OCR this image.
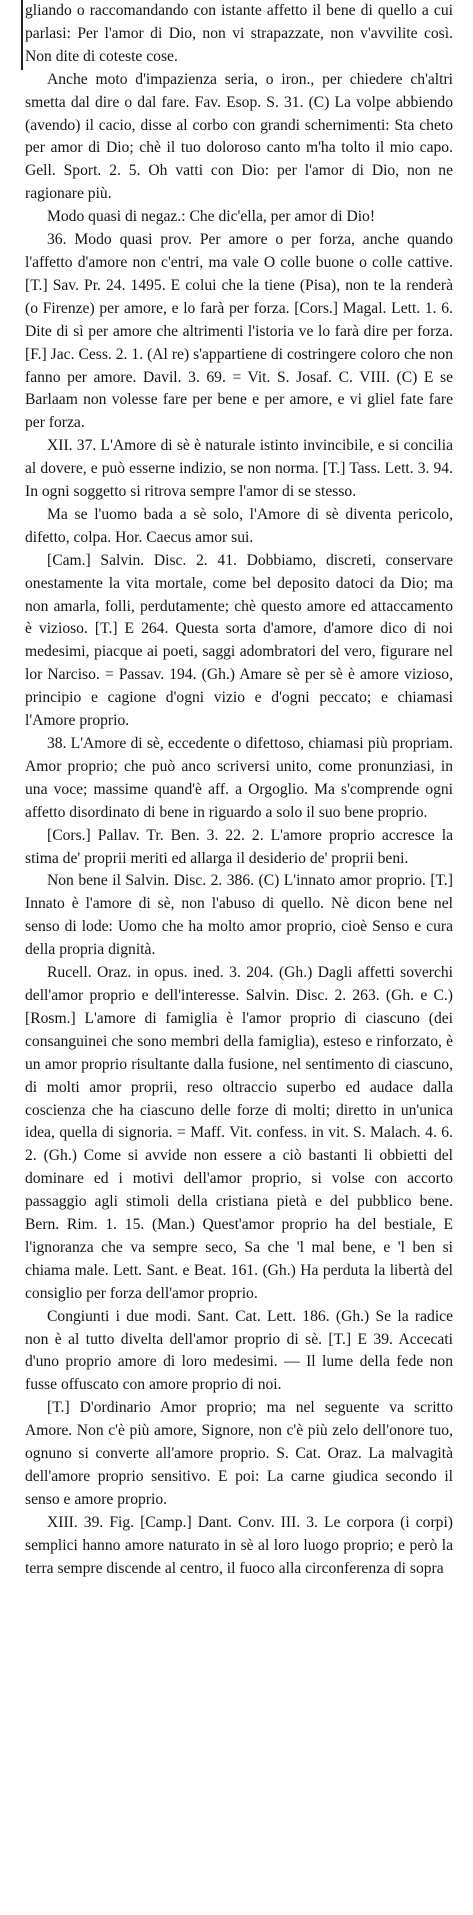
gliando o raccomandando con istante affetto il bene di quello a cui parlasi: Per l'amor di Dio, non vi strapazzate, non v'avvilite così. Non dite di coteste cose.

Anche moto d'impazienza seria, o iron., per chiedere ch'altri smetta dal dire o dal fare. Fav. Esop. S. 31. (C) La volpe abbiendo (avendo) il cacio, disse al corbo con grandi schernimenti: Sta cheto per amor di Dio; chè il tuo doloroso canto m'ha tolto il mio capo. Gell. Sport. 2. 5. Oh vatti con Dio: per l'amor di Dio, non ne ragionare più.

Modo quasi di negaz.: Che dic'ella, per amor di Dio!

36. Modo quasi prov. Per amore o per forza, anche quando l'affetto d'amore non c'entri, ma vale O colle buone o colle cattive. [T.] Sav. Pr. 24. 1495. E colui che la tiene (Pisa), non te la renderà (o Firenze) per amore, e lo farà per forza. [Cors.] Magal. Lett. 1. 6. Dite di sì per amore che altrimenti l'istoria ve lo farà dire per forza. [F.] Jac. Cess. 2. 1. (Al re) s'appartiene di costringere coloro che non fanno per amore. Davil. 3. 69. = Vit. S. Josaf. C. VIII. (C) E se Barlaam non volesse fare per bene e per amore, e vi gliel fate fare per forza.

XII. 37. L'Amore di sè è naturale istinto invincibile, e si concilia al dovere, e può esserne indizio, se non norma. [T.] Tass. Lett. 3. 94. In ogni soggetto si ritrova sempre l'amor di se stesso.

Ma se l'uomo bada a sè solo, l'Amore di sè diventa pericolo, difetto, colpa. Hor. Caecus amor sui.

[Cam.] Salvin. Disc. 2. 41. Dobbiamo, discreti, conservare onestamente la vita mortale, come bel deposito datoci da Dio; ma non amarla, folli, perdutamente; chè questo amore ed attaccamento è vizioso. [T.] E 264. Questa sorta d'amore, d'amore dico di noi medesimi, piacque ai poeti, saggi adombratori del vero, figurare nel lor Narciso. = Passav. 194. (Gh.) Amare sè per sè è amore vizioso, principio e cagione d'ogni vizio e d'ogni peccato; e chiamasi l'Amore proprio.

38. L'Amore di sè, eccedente o difettoso, chiamasi più propriam. Amor proprio; che può anco scriversi unito, come pronunziasi, in una voce; massime quand'è aff. a Orgoglio. Ma s'comprende ogni affetto disordinato di bene in riguardo a solo il suo bene proprio.

[Cors.] Pallav. Tr. Ben. 3. 22. 2. L'amore proprio accresce la stima de' proprii meriti ed allarga il desiderio de' proprii beni.

Non bene il Salvin. Disc. 2. 386. (C) L'innato amor proprio. [T.] Innato è l'amore di sè, non l'abuso di quello. Nè dicon bene nel senso di lode: Uomo che ha molto amor proprio, cioè Senso e cura della propria dignità.

Rucell. Oraz. in opus. ined. 3. 204. (Gh.) Dagli affetti soverchi dell'amor proprio e dell'interesse. Salvin. Disc. 2. 263. (Gh. e C.) [Rosm.] L'amore di famiglia è l'amor proprio di ciascuno (dei consanguinei che sono membri della famiglia), esteso e rinforzato, è un amor proprio risultante dalla fusione, nel sentimento di ciascuno, di molti amor proprii, reso oltraccio superbo ed audace dalla coscienza che ha ciascuno delle forze di molti; diretto in un'unica idea, quella di signoria. = Maff. Vit. confess. in vit. S. Malach. 4. 6. 2. (Gh.) Come si avvide non essere a ciò bastanti li obbietti del dominare ed i motivi dell'amor proprio, si volse con accorto passaggio agli stimoli della cristiana pietà e del pubblico bene. Bern. Rim. 1. 15. (Man.) Quest'amor proprio ha del bestiale, E l'ignoranza che va sempre seco, Sa che 'l mal bene, e 'l ben si chiama male. Lett. Sant. e Beat. 161. (Gh.) Ha perduta la libertà del consiglio per forza dell'amor proprio.

Congiunti i due modi. Sant. Cat. Lett. 186. (Gh.) Se la radice non è al tutto divelta dell'amor proprio di sè. [T.] E 39. Accecati d'uno proprio amore di loro medesimi. — Il lume della fede non fusse offuscato con amore proprio di noi.

[T.] D'ordinario Amor proprio; ma nel seguente va scritto Amore. Non c'è più amore, Signore, non c'è più zelo dell'onore tuo, ognuno si converte all'amore proprio. S. Cat. Oraz. La malvagità dell'amore proprio sensitivo. E poi: La carne giudica secondo il senso e amore proprio.

XIII. 39. Fig. [Camp.] Dant. Conv. III. 3. Le corpora (i corpi) semplici hanno amore naturato in sè al loro luogo proprio; e però la terra sempre discende al centro, il fuoco alla circonferenza di sopra
